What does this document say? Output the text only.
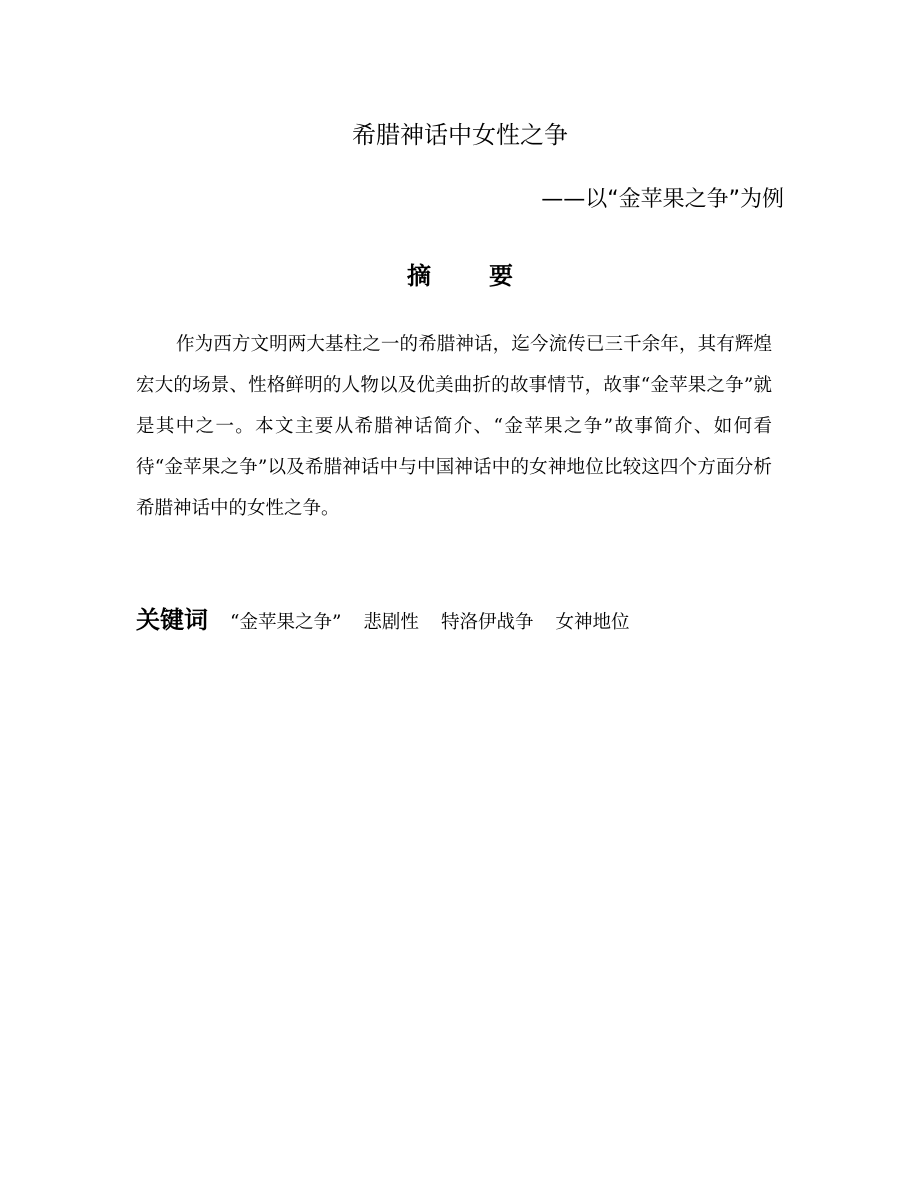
希腊神话中女性之争
——以“金苹果之争”为例
摘 要

作为西方文明两大基柱之一的希腊神话，迄今流传已三千余年，其有辉煌宏大的场景、性格鲜明的人物以及优美曲折的故事情节，故事“金苹果之争”就是其中之一。本文主要从希腊神话简介、“金苹果之争”故事简介、如何看待“金苹果之争”以及希腊神话中与中国神话中的女神地位比较这四个方面分析希腊神话中的女性之争。

关键词 “金苹果之争” 悲剧性 特洛伊战争 女神地位
